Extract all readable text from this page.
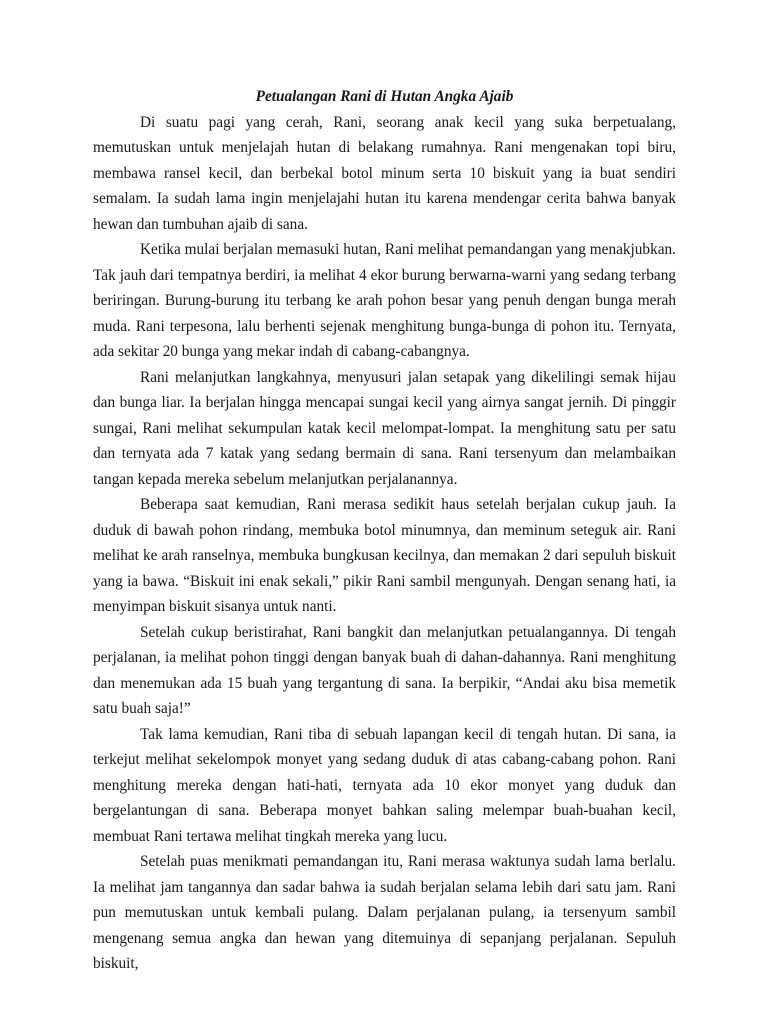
Petualangan Rani di Hutan Angka Ajaib

Di suatu pagi yang cerah, Rani, seorang anak kecil yang suka berpetualang, memutuskan untuk menjelajah hutan di belakang rumahnya. Rani mengenakan topi biru, membawa ransel kecil, dan berbekal botol minum serta 10 biskuit yang ia buat sendiri semalam. Ia sudah lama ingin menjelajahi hutan itu karena mendengar cerita bahwa banyak hewan dan tumbuhan ajaib di sana.

Ketika mulai berjalan memasuki hutan, Rani melihat pemandangan yang menakjubkan. Tak jauh dari tempatnya berdiri, ia melihat 4 ekor burung berwarna-warni yang sedang terbang beriringan. Burung-burung itu terbang ke arah pohon besar yang penuh dengan bunga merah muda. Rani terpesona, lalu berhenti sejenak menghitung bunga-bunga di pohon itu. Ternyata, ada sekitar 20 bunga yang mekar indah di cabang-cabangnya.

Rani melanjutkan langkahnya, menyusuri jalan setapak yang dikelilingi semak hijau dan bunga liar. Ia berjalan hingga mencapai sungai kecil yang airnya sangat jernih. Di pinggir sungai, Rani melihat sekumpulan katak kecil melompat-lompat. Ia menghitung satu per satu dan ternyata ada 7 katak yang sedang bermain di sana. Rani tersenyum dan melambaikan tangan kepada mereka sebelum melanjutkan perjalanannya.

Beberapa saat kemudian, Rani merasa sedikit haus setelah berjalan cukup jauh. Ia duduk di bawah pohon rindang, membuka botol minumnya, dan meminum seteguk air. Rani melihat ke arah ranselnya, membuka bungkusan kecilnya, dan memakan 2 dari sepuluh biskuit yang ia bawa. “Biskuit ini enak sekali,” pikir Rani sambil mengunyah. Dengan senang hati, ia menyimpan biskuit sisanya untuk nanti.

Setelah cukup beristirahat, Rani bangkit dan melanjutkan petualangannya. Di tengah perjalanan, ia melihat pohon tinggi dengan banyak buah di dahan-dahannya. Rani menghitung dan menemukan ada 15 buah yang tergantung di sana. Ia berpikir, “Andai aku bisa memetik satu buah saja!”

Tak lama kemudian, Rani tiba di sebuah lapangan kecil di tengah hutan. Di sana, ia terkejut melihat sekelompok monyet yang sedang duduk di atas cabang-cabang pohon. Rani menghitung mereka dengan hati-hati, ternyata ada 10 ekor monyet yang duduk dan bergelantungan di sana. Beberapa monyet bahkan saling melempar buah-buahan kecil, membuat Rani tertawa melihat tingkah mereka yang lucu.

Setelah puas menikmati pemandangan itu, Rani merasa waktunya sudah lama berlalu. Ia melihat jam tangannya dan sadar bahwa ia sudah berjalan selama lebih dari satu jam. Rani pun memutuskan untuk kembali pulang. Dalam perjalanan pulang, ia tersenyum sambil mengenang semua angka dan hewan yang ditemuinya di sepanjang perjalanan. Sepuluh biskuit,
